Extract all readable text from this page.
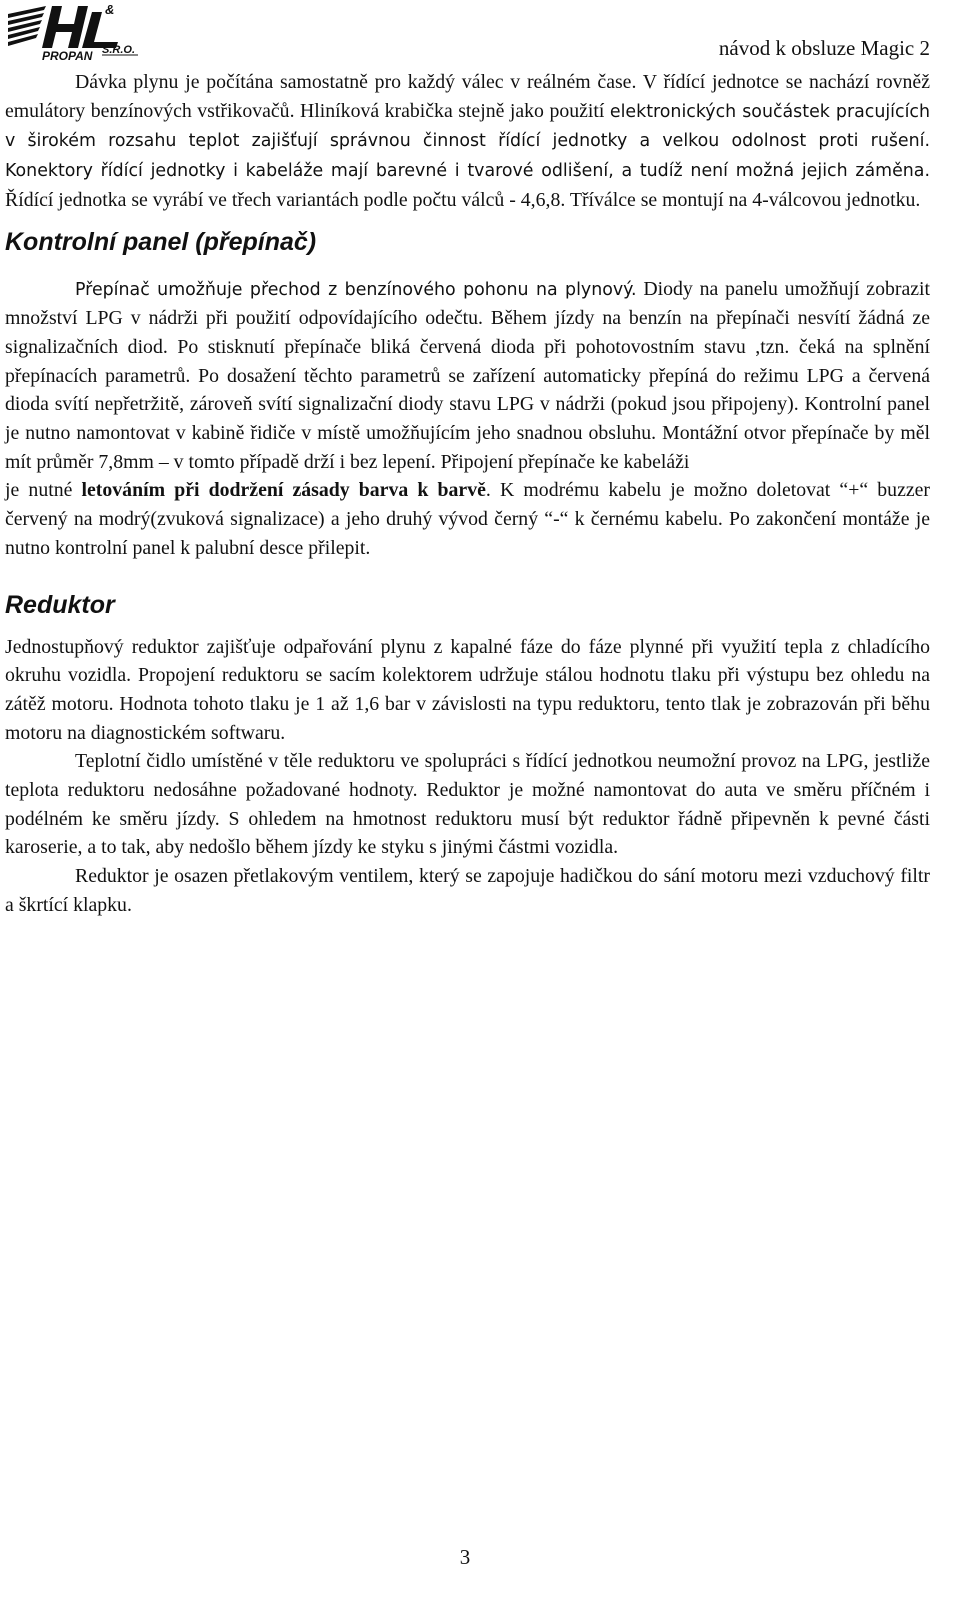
&
PROPAN S.R.O.
HL
návod k obsluze Magic 2

Dávka plynu je počítána samostatně pro každý válec v reálném čase. V řídící jednotce se nachází rovněž emulátory benzínových vstřikovačů. Hliníková krabička stejně jako použití elektronických součástek pracujících v širokém rozsahu teplot zajišťují správnou činnost řídící jednotky a velkou odolnost proti rušení. Konektory řídící jednotky i kabeláže mají barevné i tvarové odlišení, a tudíž není možná jejich záměna. Řídící jednotka se vyrábí ve třech variantách podle počtu válců - 4,6,8. Tříválce se montují na 4-válcovou jednotku.

Kontrolní panel (přepínač)

Přepínač umožňuje přechod z benzínového pohonu na plynový. Diody na panelu umožňují zobrazit množství LPG v nádrži při použití odpovídajícího odečtu. Během jízdy na benzín na přepínači nesvítí žádná ze signalizačních diod. Po stisknutí přepínače bliká červená dioda při pohotovostním stavu ,tzn. čeká na splnění přepínacích parametrů. Po dosažení těchto parametrů se zařízení automaticky přepíná do režimu LPG a červená dioda svítí nepřetržitě, zároveň svítí signalizační diody stavu LPG v nádrži (pokud jsou připojeny). Kontrolní panel je nutno namontovat v kabině řidiče v místě umožňujícím jeho snadnou obsluhu. Montážní otvor přepínače by měl mít průměr 7,8mm – v tomto případě drží i bez lepení. Připojení přepínače ke kabeláži

je nutné letováním při dodržení zásady barva k barvě. K modrému kabelu je možno doletovat “+“ buzzer červený na modrý(zvuková signalizace) a jeho druhý vývod černý “-“ k černému kabelu. Po zakončení montáže je nutno kontrolní panel k palubní desce přilepit.

Reduktor

Jednostupňový reduktor zajišťuje odpařování plynu z kapalné fáze do fáze plynné při využití tepla z chladícího okruhu vozidla. Propojení reduktoru se sacím kolektorem udržuje stálou hodnotu tlaku při výstupu bez ohledu na zátěž motoru. Hodnota tohoto tlaku je 1 až 1,6 bar v závislosti na typu reduktoru, tento tlak je zobrazován při běhu motoru na diagnostickém softwaru.

Teplotní čidlo umístěné v těle reduktoru ve spolupráci s řídící jednotkou neumožní provoz na LPG, jestliže teplota reduktoru nedosáhne požadované hodnoty. Reduktor je možné namontovat do auta ve směru příčném i podélném ke směru jízdy. S ohledem na hmotnost reduktoru musí být reduktor řádně připevněn k pevné části karoserie, a to tak, aby nedošlo během jízdy ke styku s jinými částmi vozidla.

Reduktor je osazen přetlakovým ventilem, který se zapojuje hadičkou do sání motoru mezi vzduchový filtr a škrtící klapku.

3
